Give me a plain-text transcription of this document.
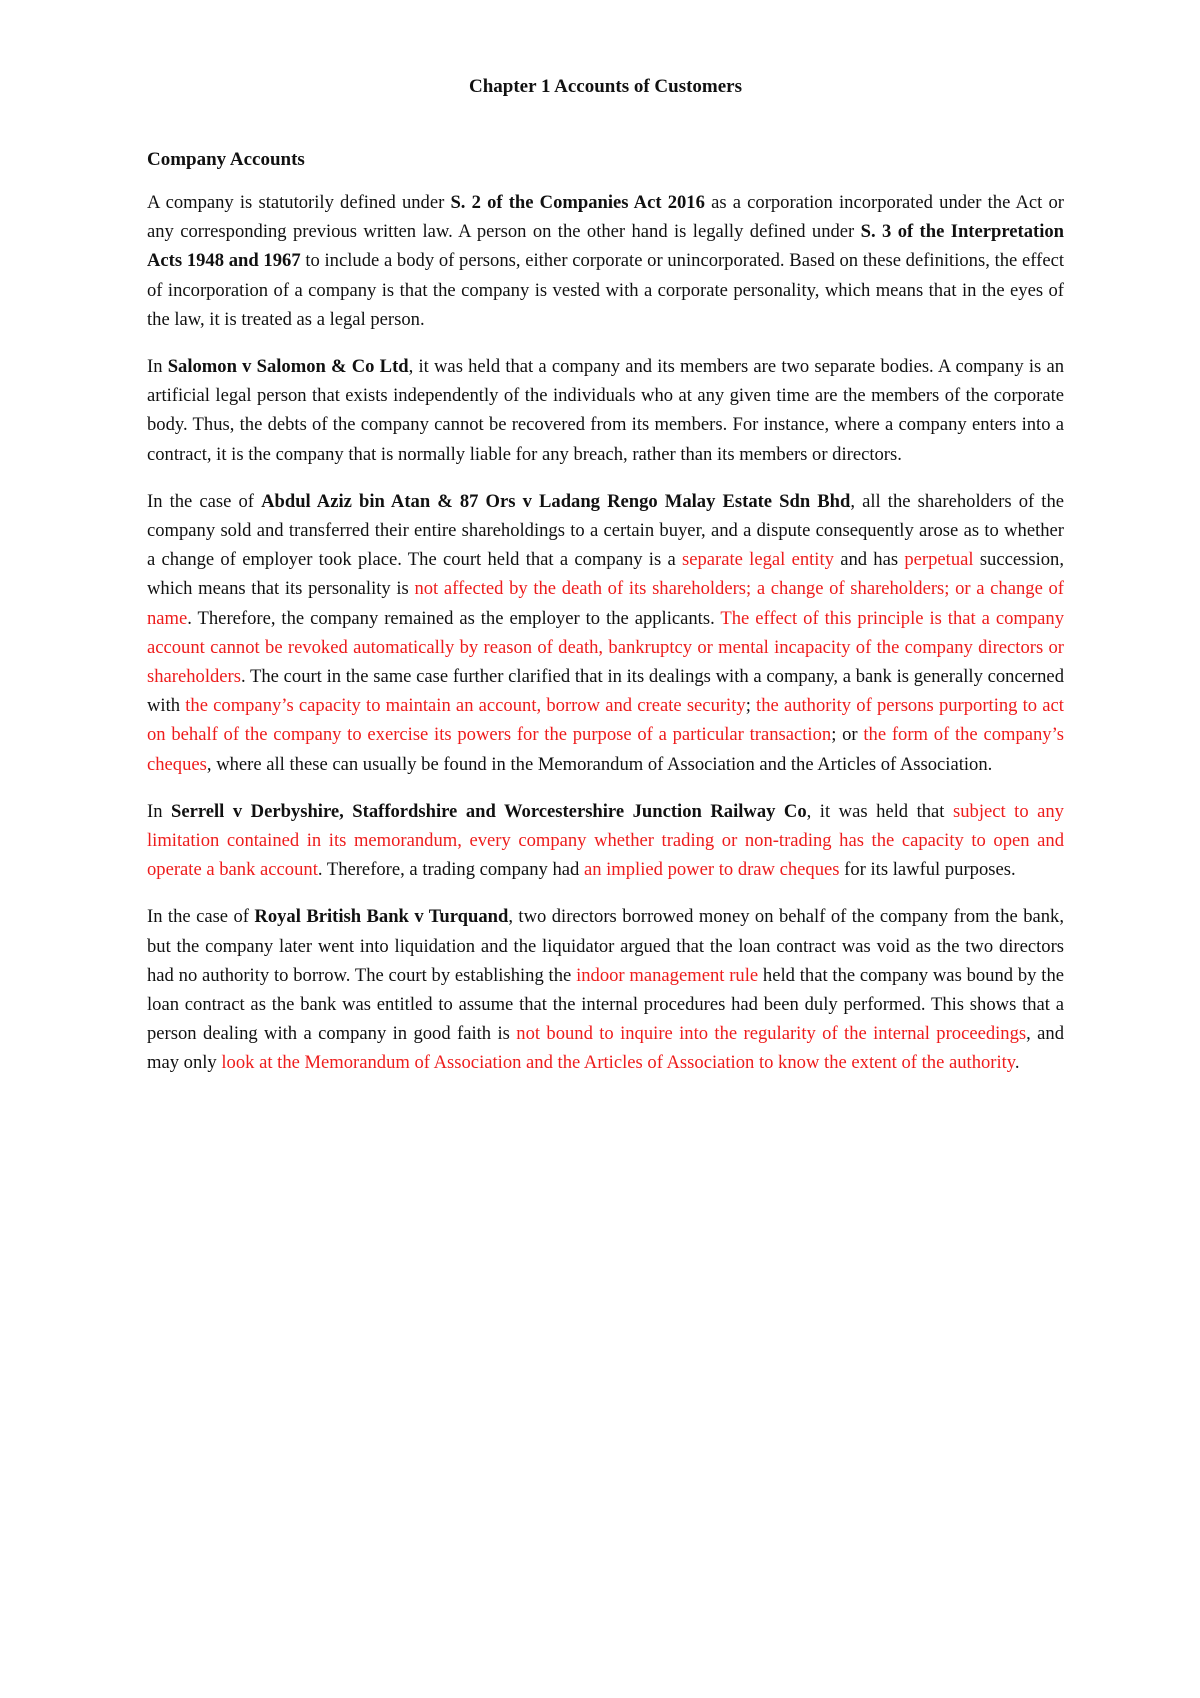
Chapter 1 Accounts of Customers
Company Accounts

A company is statutorily defined under S. 2 of the Companies Act 2016 as a corporation incorporated under the Act or any corresponding previous written law. A person on the other hand is legally defined under S. 3 of the Interpretation Acts 1948 and 1967 to include a body of persons, either corporate or unincorporated. Based on these definitions, the effect of incorporation of a company is that the company is vested with a corporate personality, which means that in the eyes of the law, it is treated as a legal person.

In Salomon v Salomon & Co Ltd, it was held that a company and its members are two separate bodies. A company is an artificial legal person that exists independently of the individuals who at any given time are the members of the corporate body. Thus, the debts of the company cannot be recovered from its members. For instance, where a company enters into a contract, it is the company that is normally liable for any breach, rather than its members or directors.

In the case of Abdul Aziz bin Atan & 87 Ors v Ladang Rengo Malay Estate Sdn Bhd, all the shareholders of the company sold and transferred their entire shareholdings to a certain buyer, and a dispute consequently arose as to whether a change of employer took place. The court held that a company is a separate legal entity and has perpetual succession, which means that its personality is not affected by the death of its shareholders; a change of shareholders; or a change of name. Therefore, the company remained as the employer to the applicants. The effect of this principle is that a company account cannot be revoked automatically by reason of death, bankruptcy or mental incapacity of the company directors or shareholders. The court in the same case further clarified that in its dealings with a company, a bank is generally concerned with the company’s capacity to maintain an account, borrow and create security; the authority of persons purporting to act on behalf of the company to exercise its powers for the purpose of a particular transaction; or the form of the company’s cheques, where all these can usually be found in the Memorandum of Association and the Articles of Association.

In Serrell v Derbyshire, Staffordshire and Worcestershire Junction Railway Co, it was held that subject to any limitation contained in its memorandum, every company whether trading or non-trading has the capacity to open and operate a bank account. Therefore, a trading company had an implied power to draw cheques for its lawful purposes.

In the case of Royal British Bank v Turquand, two directors borrowed money on behalf of the company from the bank, but the company later went into liquidation and the liquidator argued that the loan contract was void as the two directors had no authority to borrow. The court by establishing the indoor management rule held that the company was bound by the loan contract as the bank was entitled to assume that the internal procedures had been duly performed. This shows that a person dealing with a company in good faith is not bound to inquire into the regularity of the internal proceedings, and may only look at the Memorandum of Association and the Articles of Association to know the extent of the authority.
